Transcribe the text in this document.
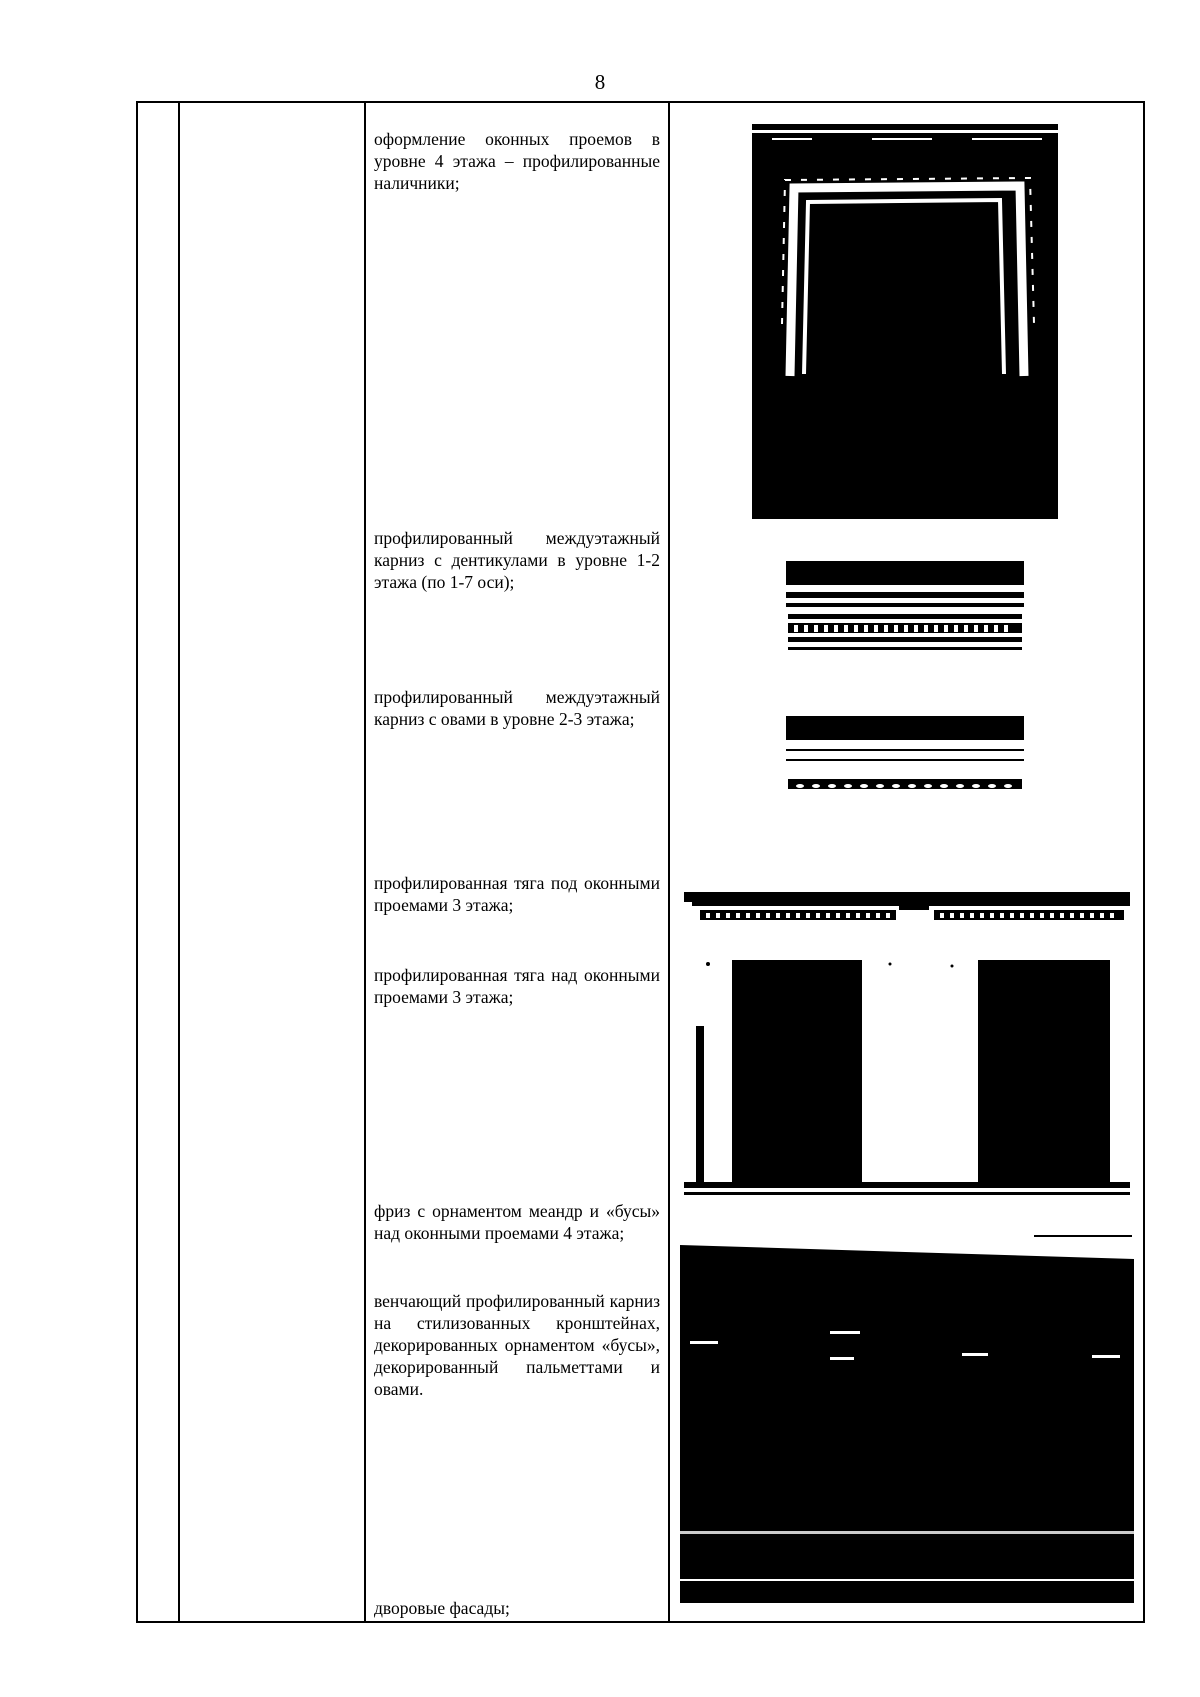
8
оформление оконных проемов в уровне 4 этажа – профилированные наличники;
профилированный междуэтажный карниз с дентикулами в уровне 1-2 этажа (по 1-7 оси);
профилированный междуэтажный карниз с овами в уровне 2-3 этажа;
профилированная тяга под оконными проемами 3 этажа;
профилированная тяга над оконными проемами 3 этажа;
фриз с орнаментом меандр и «бусы» над оконными проемами 4 этажа;
венчающий профилированный карниз на стилизованных кронштейнах, декорированных орнаментом «бусы», декорированный пальметтами и овами.
дворовые фасады;
